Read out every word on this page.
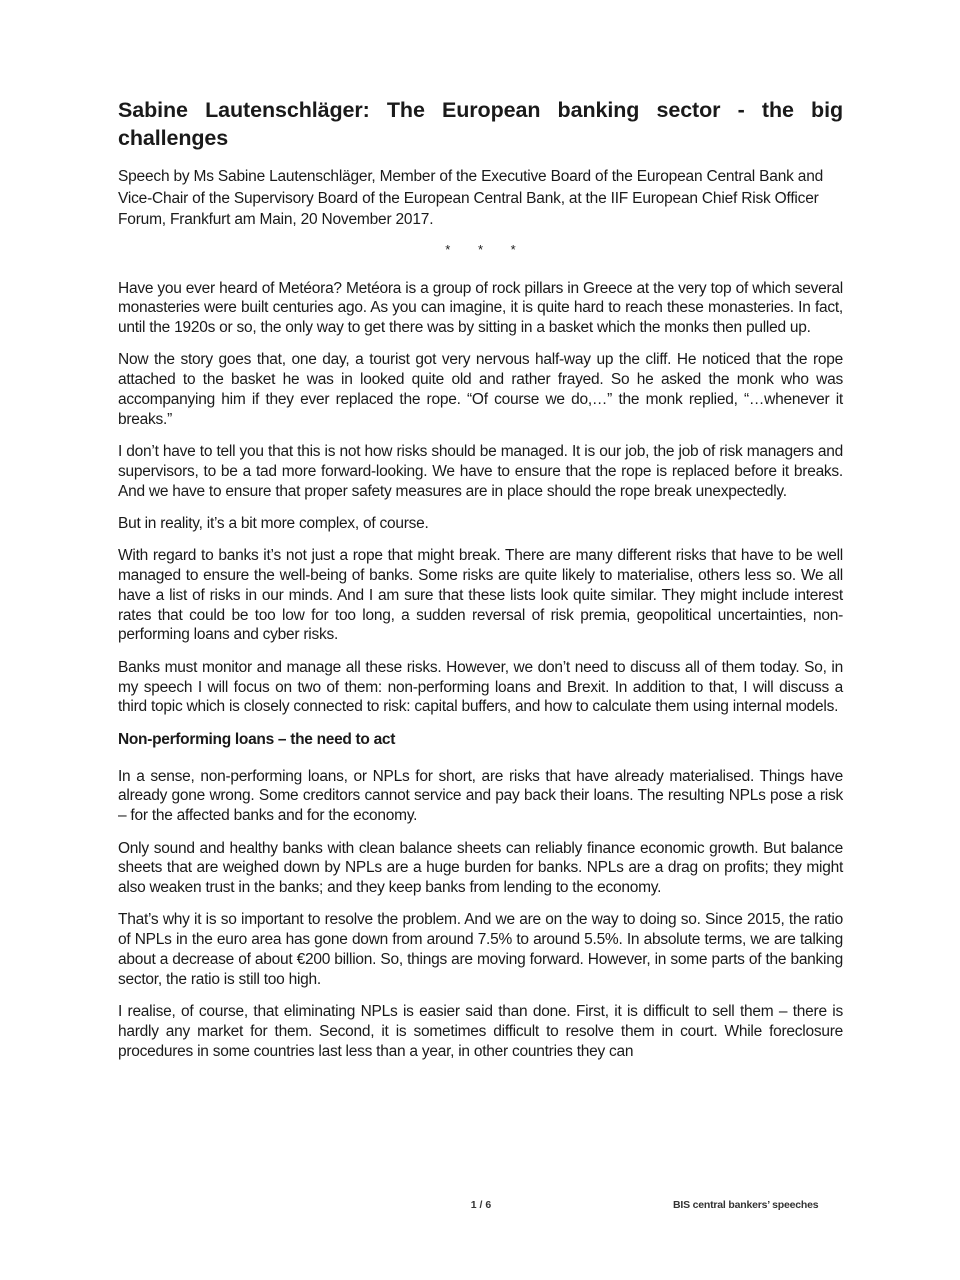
Sabine Lautenschläger: The European banking sector - the big challenges

Speech by Ms Sabine Lautenschläger, Member of the Executive Board of the European Central Bank and Vice-Chair of the Supervisory Board of the European Central Bank, at the IIF European Chief Risk Officer Forum, Frankfurt am Main, 20 November 2017.

* * *

Have you ever heard of Metéora? Metéora is a group of rock pillars in Greece at the very top of which several monasteries were built centuries ago. As you can imagine, it is quite hard to reach these monasteries. In fact, until the 1920s or so, the only way to get there was by sitting in a basket which the monks then pulled up.

Now the story goes that, one day, a tourist got very nervous half-way up the cliff. He noticed that the rope attached to the basket he was in looked quite old and rather frayed. So he asked the monk who was accompanying him if they ever replaced the rope. “Of course we do,…” the monk replied, “…whenever it breaks.”

I don’t have to tell you that this is not how risks should be managed. It is our job, the job of risk managers and supervisors, to be a tad more forward-looking. We have to ensure that the rope is replaced before it breaks. And we have to ensure that proper safety measures are in place should the rope break unexpectedly.

But in reality, it’s a bit more complex, of course.

With regard to banks it’s not just a rope that might break. There are many different risks that have to be well managed to ensure the well-being of banks. Some risks are quite likely to materialise, others less so. We all have a list of risks in our minds. And I am sure that these lists look quite similar. They might include interest rates that could be too low for too long, a sudden reversal of risk premia, geopolitical uncertainties, non-performing loans and cyber risks.

Banks must monitor and manage all these risks. However, we don’t need to discuss all of them today. So, in my speech I will focus on two of them: non-performing loans and Brexit. In addition to that, I will discuss a third topic which is closely connected to risk: capital buffers, and how to calculate them using internal models.

Non-performing loans – the need to act

In a sense, non-performing loans, or NPLs for short, are risks that have already materialised. Things have already gone wrong. Some creditors cannot service and pay back their loans. The resulting NPLs pose a risk – for the affected banks and for the economy.

Only sound and healthy banks with clean balance sheets can reliably finance economic growth. But balance sheets that are weighed down by NPLs are a huge burden for banks. NPLs are a drag on profits; they might also weaken trust in the banks; and they keep banks from lending to the economy.

That’s why it is so important to resolve the problem. And we are on the way to doing so. Since 2015, the ratio of NPLs in the euro area has gone down from around 7.5% to around 5.5%. In absolute terms, we are talking about a decrease of about €200 billion. So, things are moving forward. However, in some parts of the banking sector, the ratio is still too high.

I realise, of course, that eliminating NPLs is easier said than done. First, it is difficult to sell them – there is hardly any market for them. Second, it is sometimes difficult to resolve them in court. While foreclosure procedures in some countries last less than a year, in other countries they can

1 / 6	BIS central bankers’ speeches
